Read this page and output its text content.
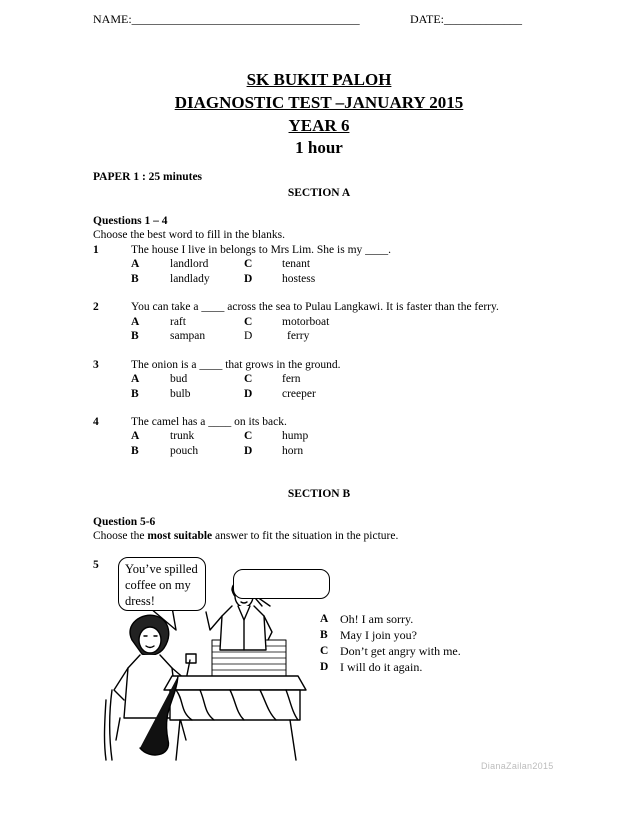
NAME:______________________________________	DATE:_____________
SK BUKIT PALOH
DIAGNOSTIC TEST –JANUARY 2015
YEAR 6
1 hour
PAPER 1 : 25 minutes
SECTION A
Questions 1 – 4
Choose the best word to fill in the blanks.
1	The house I live in belongs to Mrs Lim. She is my ____.
A	landlord	C	tenant
B	landlady	D	hostess
2	You can take a ____ across the sea to Pulau Langkawi. It is faster than the ferry.
A	raft	C	motorboat
B	sampan	D	ferry
3	The onion is a ____ that grows in the ground.
A	bud	C	fern
B	bulb	D	creeper
4	The camel has a ____ on its back.
A	trunk	C	hump
B	pouch	D	horn
SECTION B
Question 5-6
Choose the most suitable answer to fit the situation in the picture.
5 You’ve spilled
coffee on my
dress!
A Oh! I am sorry.
B May I join you?
C Don’t get angry with me.
D I will do it again.
DianaZailan2015
